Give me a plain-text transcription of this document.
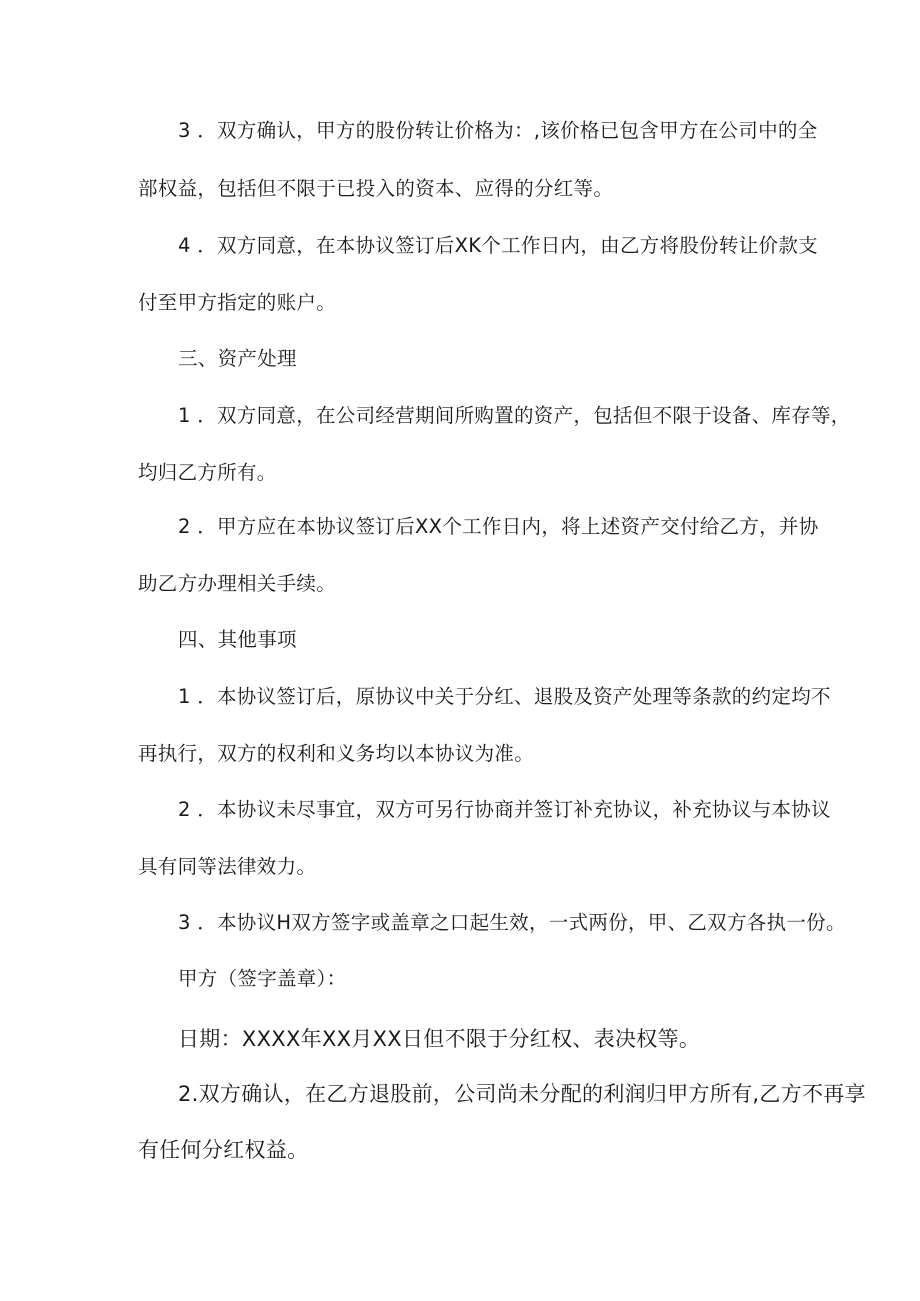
3 ．双方确认，甲方的股份转让价格为：,该价格已包含甲方在公司中的全
部权益，包括但不限于已投入的资本、应得的分红等。
4 ．双方同意，在本协议签订后XK个工作日内，由乙方将股份转让价款支
付至甲方指定的账户。
三、资产处理
1 ．双方同意，在公司经营期间所购置的资产，包括但不限于设备、库存等，
均归乙方所有。
2 ．甲方应在本协议签订后XX个工作日内，将上述资产交付给乙方，并协
助乙方办理相关手续。
四、其他事项
1 ．本协议签订后，原协议中关于分红、退股及资产处理等条款的约定均不
再执行，双方的权利和义务均以本协议为准。
2 ．本协议未尽事宜，双方可另行协商并签订补充协议，补充协议与本协议
具有同等法律效力。
3 ．本协议H双方签字或盖章之口起生效，一式两份，甲、乙双方各执一份。
甲方（签字盖章）：
日期：XXXX年XX月XX日但不限于分红权、表决权等。
2.双方确认，在乙方退股前，公司尚未分配的利润归甲方所有,乙方不再享
有任何分红权益。
